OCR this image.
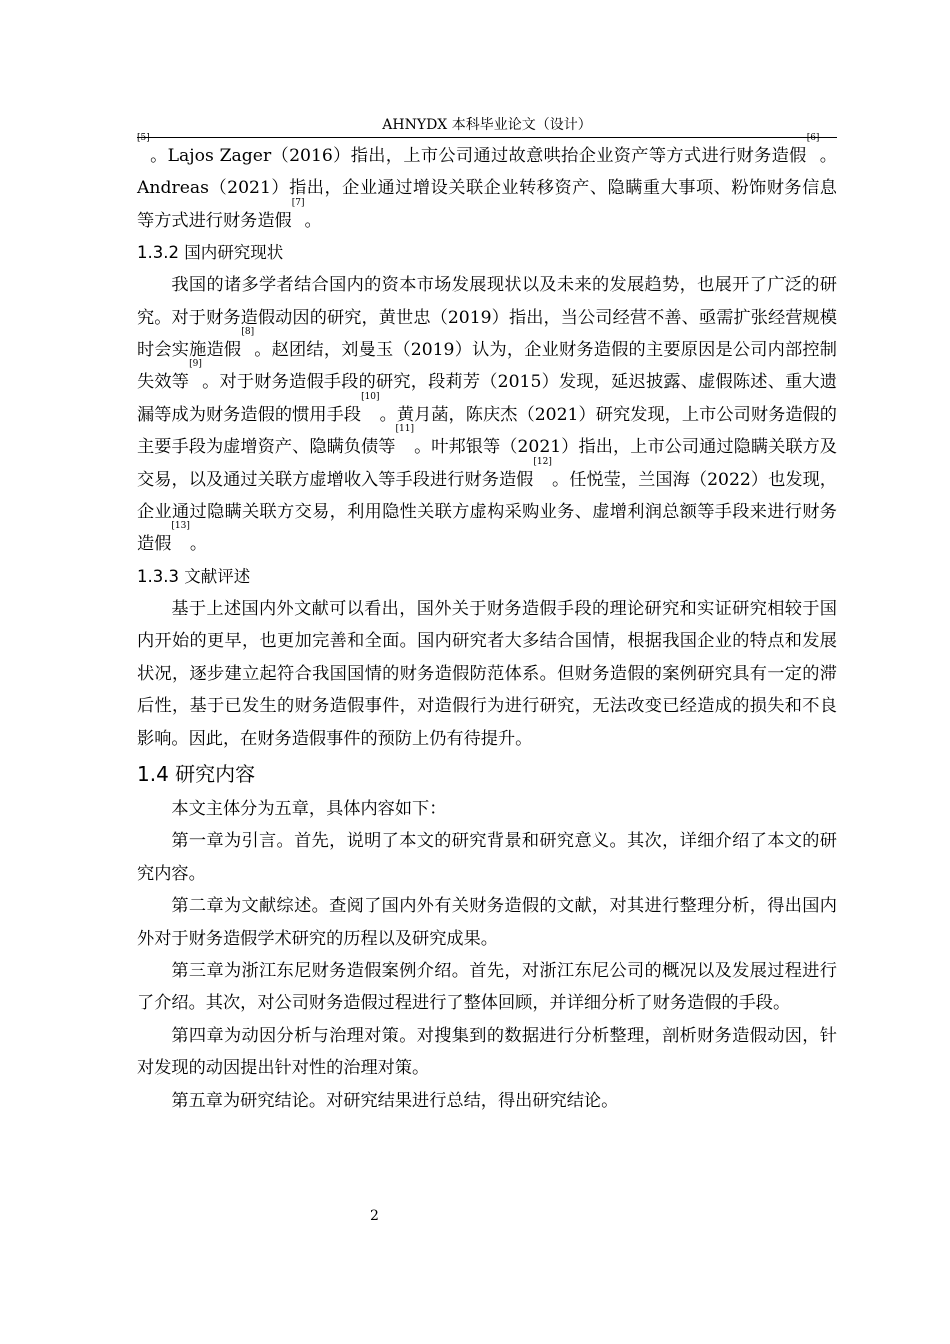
AHNYDX 本科毕业论文（设计）

[5]。Lajos Zager（2016）指出，上市公司通过故意哄抬企业资产等方式进行财务造假[6]。Andreas（2021）指出，企业通过增设关联企业转移资产、隐瞒重大事项、粉饰财务信息等方式进行财务造假[7]。

1.3.2 国内研究现状

我国的诸多学者结合国内的资本市场发展现状以及未来的发展趋势，也展开了广泛的研究。对于财务造假动因的研究，黄世忠（2019）指出，当公司经营不善、亟需扩张经营规模时会实施造假[8]。赵团结，刘曼玉（2019）认为，企业财务造假的主要原因是公司内部控制失效等[9]。对于财务造假手段的研究，段莉芳（2015）发现，延迟披露、虚假陈述、重大遗漏等成为财务造假的惯用手段[10]。黄月菡，陈庆杰（2021）研究发现，上市公司财务造假的主要手段为虚增资产、隐瞒负债等[11]。叶邦银等（2021）指出，上市公司通过隐瞒关联方及交易，以及通过关联方虚增收入等手段进行财务造假[12]。任悦莹，兰国海（2022）也发现，企业通过隐瞒关联方交易，利用隐性关联方虚构采购业务、虚增利润总额等手段来进行财务造假[13]。

1.3.3 文献评述

基于上述国内外文献可以看出，国外关于财务造假手段的理论研究和实证研究相较于国内开始的更早，也更加完善和全面。国内研究者大多结合国情，根据我国企业的特点和发展状况，逐步建立起符合我国国情的财务造假防范体系。但财务造假的案例研究具有一定的滞后性，基于已发生的财务造假事件，对造假行为进行研究，无法改变已经造成的损失和不良影响。因此，在财务造假事件的预防上仍有待提升。

1.4 研究内容

本文主体分为五章，具体内容如下：

第一章为引言。首先，说明了本文的研究背景和研究意义。其次，详细介绍了本文的研究内容。

第二章为文献综述。查阅了国内外有关财务造假的文献，对其进行整理分析，得出国内外对于财务造假学术研究的历程以及研究成果。

第三章为浙江东尼财务造假案例介绍。首先，对浙江东尼公司的概况以及发展过程进行了介绍。其次，对公司财务造假过程进行了整体回顾，并详细分析了财务造假的手段。

第四章为动因分析与治理对策。对搜集到的数据进行分析整理，剖析财务造假动因，针对发现的动因提出针对性的治理对策。

第五章为研究结论。对研究结果进行总结，得出研究结论。

2
